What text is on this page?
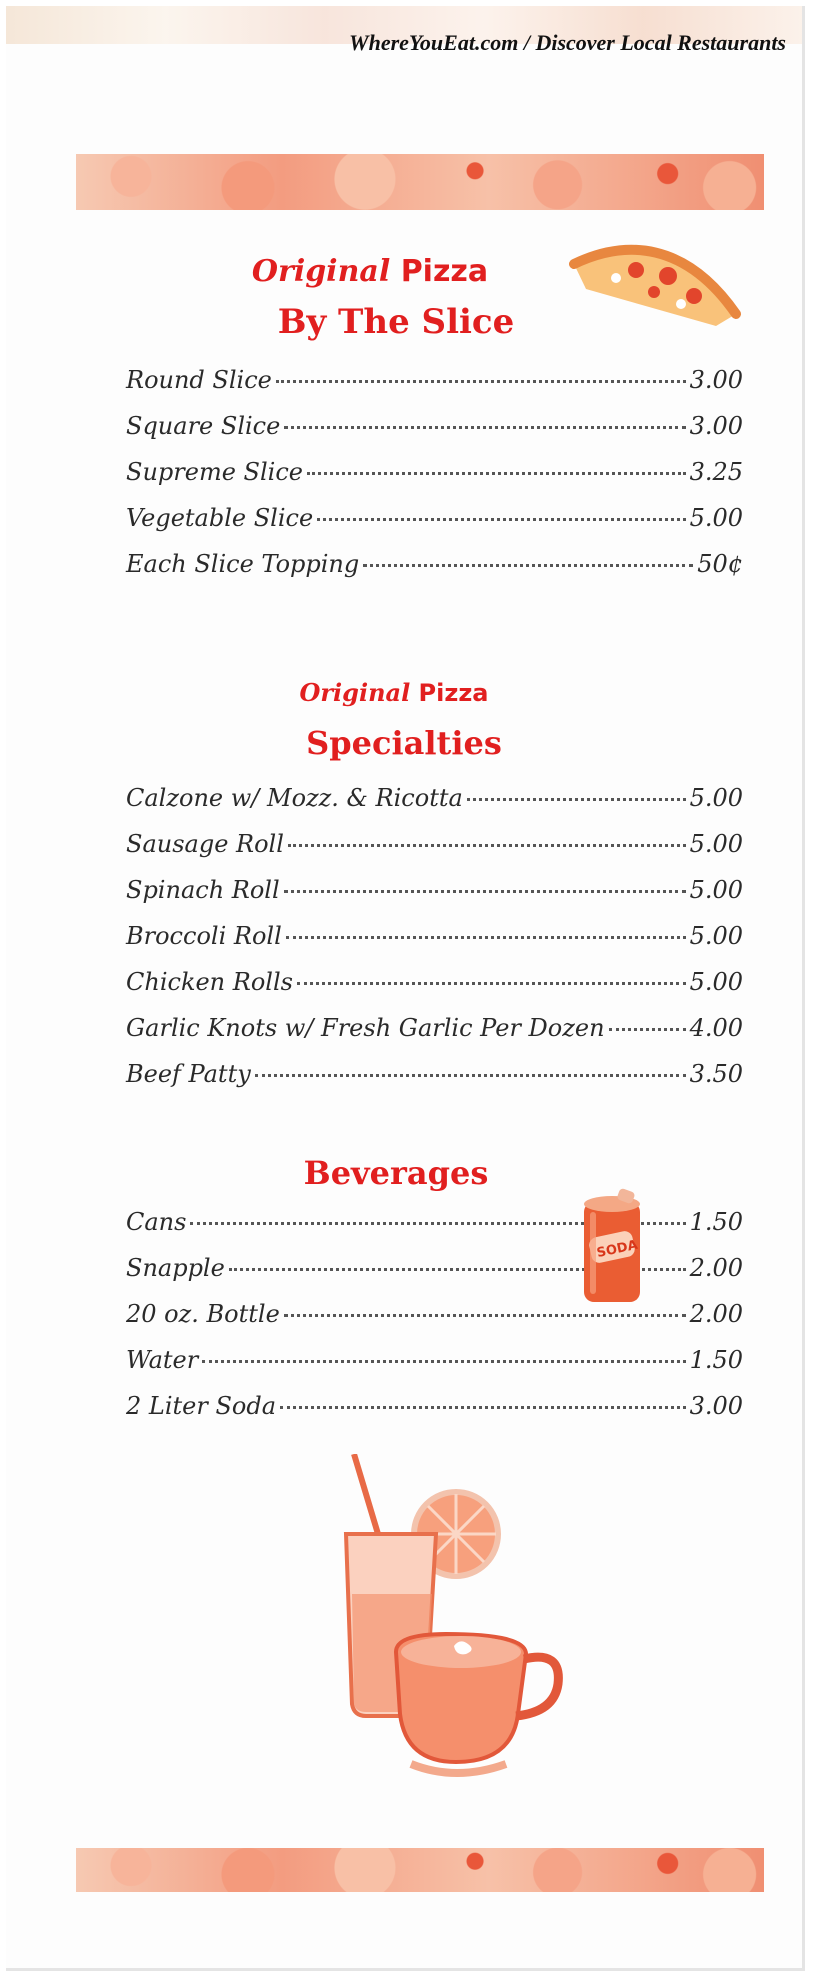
WhereYouEat.com / Discover Local Restaurants
Original Pizza
By The Slice
Round Slice	3.00
Square Slice	3.00
Supreme Slice	3.25
Vegetable Slice	5.00
Each Slice Topping	50¢
Original Pizza
Specialties
Calzone w/ Mozz. & Ricotta	5.00
Sausage Roll	5.00
Spinach Roll	5.00
Broccoli Roll	5.00
Chicken Rolls	5.00
Garlic Knots w/ Fresh Garlic Per Dozen	4.00
Beef Patty	3.50
Beverages
Cans	1.50
Snapple	2.00
20 oz. Bottle	2.00
Water	1.50
2 Liter Soda	3.00
SODA
